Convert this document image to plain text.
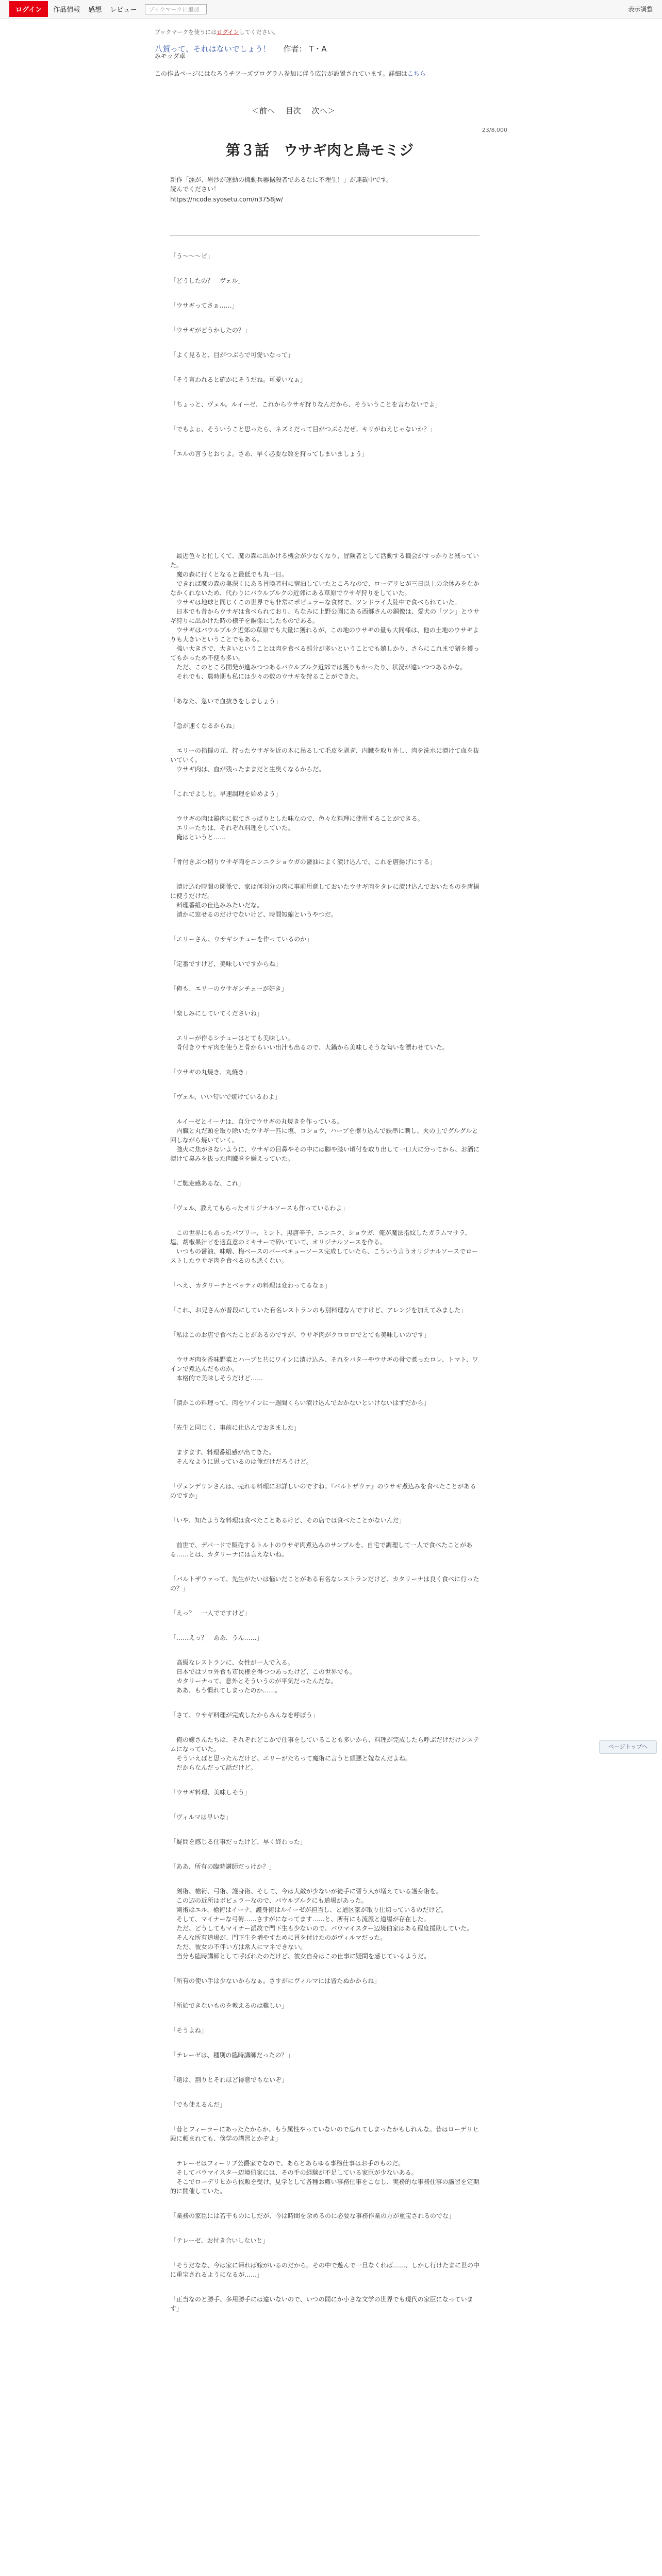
ログイン	作品情報 感想 レビュー	ブックマークに追加	表示調整
ブックマークを使うにはログインしてください。
八賀って、それはないでしょう！ 作者： T・A
みモッダ卓
この作品ページにはなろうチアーズプログラム参加に伴う広告が設置されています。詳細はこちら
＜前へ 目次 次へ＞
23/8,000
第３話　ウサギ肉と鳥モミジ
新作「涯が、岩沙が運動の機動兵器据殺者であるなに不埋生！」が連載中です。
読んでください！
https://ncode.syosetu.com/n3758jw/

「う～～～ピ」

「どうしたの？　ヴェル」

「ウサギってさぁ……」

「ウサギがどうかしたの？」

「よく見ると、目がつぶらで可愛いなって」

「そう言われると確かにそうだね。可愛いなぁ」

「ちょっと、ヴェル。ルイーゼ、これからウサギ狩りなんだから、そういうことを言わないでよ」

「でもよぉ、そういうこと思ったら、ネズミだって目がつぶらだぜ。キリがねえじゃないか？」

「エルの言うとおりよ。さあ、早く必要な数を狩ってしまいましょう」

　最近色々と忙しくて、魔の森に出かける機会が少なくなり、冒険者として活動する機会がすっかりと減っていた。
　魔の森に行くとなると最低でも丸一日。
　できれば魔の森の奥深くにある冒険者村に宿泊していたところなので、ローデリヒが三日以上の余休みをなかなかくれないため、代わりにバウルブルクの近郊にある草原でウサギ狩りをしていた。
　ウサギは地球と同じくこの世界でも非常にポピュラーな食材で、ツンドライ大陸中で食べられていた。
　日本でも昔からウサギは食べられており、ちなみに上野公園にある西郷さんの銅像は、愛犬の「ツン」とウサギ狩りに出かけた時の様子を銅像にしたものである。
　ウサギはバウルブルク近郊の草原でも大量に獲れるが、この地のウサギの量も大同様は、他の土地のウサギよりも大きいということでもある。
　強い大きさで、大きいということは肉を食べる部分が多いということでも嬉しかり、さらにこれまで猪を獲ってもかっため不便も多い。
　ただ、このところ開発が進みつつあるバウルブルク近郊では獲りもかったり、状況が違いつつあるかな。
　それでも、農時期も私には少々の数のウサギを狩ることができた。

「あなた、急いで血抜きをしましょう」

「急が速くなるからね」

　エリーの指揮の元、狩ったウサギを近の木に吊るして毛皮を剥ぎ、内臓を取り外し、肉を洗水に漬けて血を抜いていく。
　ウサギ肉は、血が残ったままだと生臭くなるからだ。

「これでよしと。早速調理を始めよう」

　ウサギの肉は鶏肉に似てさっぱりとした味なので、色々な料理に使用することができる。
　エリーたちは、それぞれ料理をしていた。
　俺はというと……

「骨付きぶつ切りウサギ肉をニンニクショウガの醤油によく漬け込んで、これを唐揚げにする」

　漬け込む時間の関係で、家は何羽分の肉に事前用意しておいたウサギ肉をタレに漬け込んでおいたものを唐揚に使うだけだ。
　料理番組の仕込みみたいだな。
　漬かに窓せるのだけでないけど、時間短縮というやつだ。

「エリーさん、ウサギシチューを作っているのか」

「定番ですけど、美味しいですからね」

「俺も、エリーのウサギシチューが好き」

「楽しみにしていてくださいね」

　エリーが作るシチューはとても美味しい。
　骨付きウサギ肉を使うと骨からいい出汁も出るので、大鍋から美味しそうな匂いを漂わせていた。

「ウサギの丸焼き、丸焼き」

「ヴェル、いい匂いで焼けているわよ」

　ルイーゼとイーナは、自分でウサギの丸焼きを作っている。
　内臓と丸だ頭を取り除いたウサギ一匹に塩、コショウ、ハーブを擦り込んで鉄串に刺し、火の上でグルグルと回しながら焼いていく。
　強火に焦がさないように、ウサギの目鼻やその中には脚や膝い頃付を取り出して一口大に分ってから、お酒に漬けて臭みを抜った肉臓巻を嫌えっていた。

「ご馳走感あるな、これ」

「ヴェル、教えてもらったオリジナルソースも作っているわよ」

　この世界にもあったパプリー、ミント、黒唐辛子、ニンニク、ショウガ、俺が魔法指紋したガラムマサラ、塩、胡椒果汁ビを適直意のミキサーで砕いていて、オリジナルソースを作る。
　いつもの醤油、味噌、梅ベースのバーベキューソース完成していたら、こういう言うオリジナルソースでローストしたウサギ肉を食べるのも悪くない。

「へえ、カタリーナとベッティの料理は変わってるなぁ」

「これ、お兄さんが普段にしていた有名レストランのも別料理なんですけど、アレンジを加えてみました」

「私はこのお店で食べたことがあるのですが、ウサギ肉がクロロロでとても美味しいのです」

　ウサギ肉を香味野菜とハーブと共にワインに漬け込み、それをバターやウサギの骨で煮ったロレ、トマト、ワインで煮込んだものか。
　本格的で美味しそうだけど……

「漬かこの料理って、肉をワインに一週間くらい漬け込んでおかないといけないはずだから」

「先生と同じく、事前に仕込んでおきました」

　ますます、料理番組感が出てきた。
　そんなように思っているのは俺だけだろうけど。

「ヴェンデリンさんは、売れる料理にお詳しいのですね。『バルトザウァ』のウサギ煮込みを食べたことがあるのですか」

「いや、知たような料理は食べたことあるけど、その店では食べたことがないんだ」

　前世で、デパ一ドで販売するトルトのウサギ肉煮込みのサンプルを、自宅で調理して一人で食べたことがある……とは、カタリーナには言えないね。

「バルトザウァって、先生がたいは悩いだことがある有名なレストランだけど、カタリーナは良く食べに行ったの？」

「えっ？　一人でですけど」

「……えっ？　ああ、うん……」

　高級なレストランに、女性が一人で入る。
　日本ではソロ外食も市民権を得つつあったけど、この世界でも。
　カタリーナって、意外とそういうのが平気だったんだな。
　ああ、もう慣れてしまったのか……。

「さて、ウサギ料理が完成したからみんなを呼ぼう」

　俺の嫁さんたちは、それぞれどこかで仕事をしていることも多いから、料理が完成したら呼ぶだけだけシステムになっていた。
　そういえばと思ったんだけど、エリーがたちって魔術に言うと頭悪と嫁なんだよね。
　だからなんだって話だけど。

「ウサギ料理、美味しそう」

「ヴィルマは早いな」

「疑問を感じる仕事だったけど、早く終わった」

「ああ、所有の臨時講師だっけか？」

　剣術、槍術、弓術、護身術、そして、今は大敵が少ないが徒手に習う人が増えている護身術を。
　この辺の近所はボビュラーなので、バウルブルクにも道場があった。
　剣術はエル、槍術はイーナ、護身術はルイーゼが担当し、と道区家が取り仕切っているのだけど。
　そして、マイナーな弓術……さすがになってます……と、所有にも流派と道場が存在した。
　ただ、どうしてもマイナー派故で門下生も少ないので、バウマイスター辺境伯家はある程度援助していた。
　そんな所有道場が、門下生を増やすために冒を付けたのがヴィルマだった。
　ただ、彼女の不伴い方は常人にマネできない。
　当分も臨時講師として呼ばれたのだけど、彼女自身はこの仕事に疑問を感じているようだ。

「所有の使い手は少ないからなぁ。さすがにヴィルマには皆たぬかからね」

「所始できないものを教えるのは難しい」

「そうよね」

「テレーゼは、種別の臨時講師だったの？」

「遠は、割りとそれほど得意でもないぞ」

「でも使えるんだ」

「昔とフィーラーにあったたからか、もう属性やっていないので忘れてしまったかもしれんな。昔はローデリヒ殿に頼まれても、倹学の講習とかぞよ」

　テレーゼはフィーリブ公爵家でなので、あらとあらゆる事務仕事はお手のものだ。
　そしてバウマイスター辺境伯家には、その手の経験が不足している家臣が少ないある。
　そこでローデリヒから依頼を受け、見学として各種お薦い事務仕事をこなし、実務的な事務仕事の講習を定期的に開催していた。

「業務の家臣には若干ものにしだが、今は時間を余めるのに必要な事務作業の方が重宝されるのでな」

「テレーゼ、お付き合いしないと」

「そうだなな、今は家に帰れば嫁がいるのだから。その中で遊んで一旦なくれば……、しかし行けたまに世の中に重宝されるようになるが……」

「正当なのと勝手、多用勝手には違いないので、いつの間にか小さな文学の世界でも現代の家臣になっています」

ページトップへ
